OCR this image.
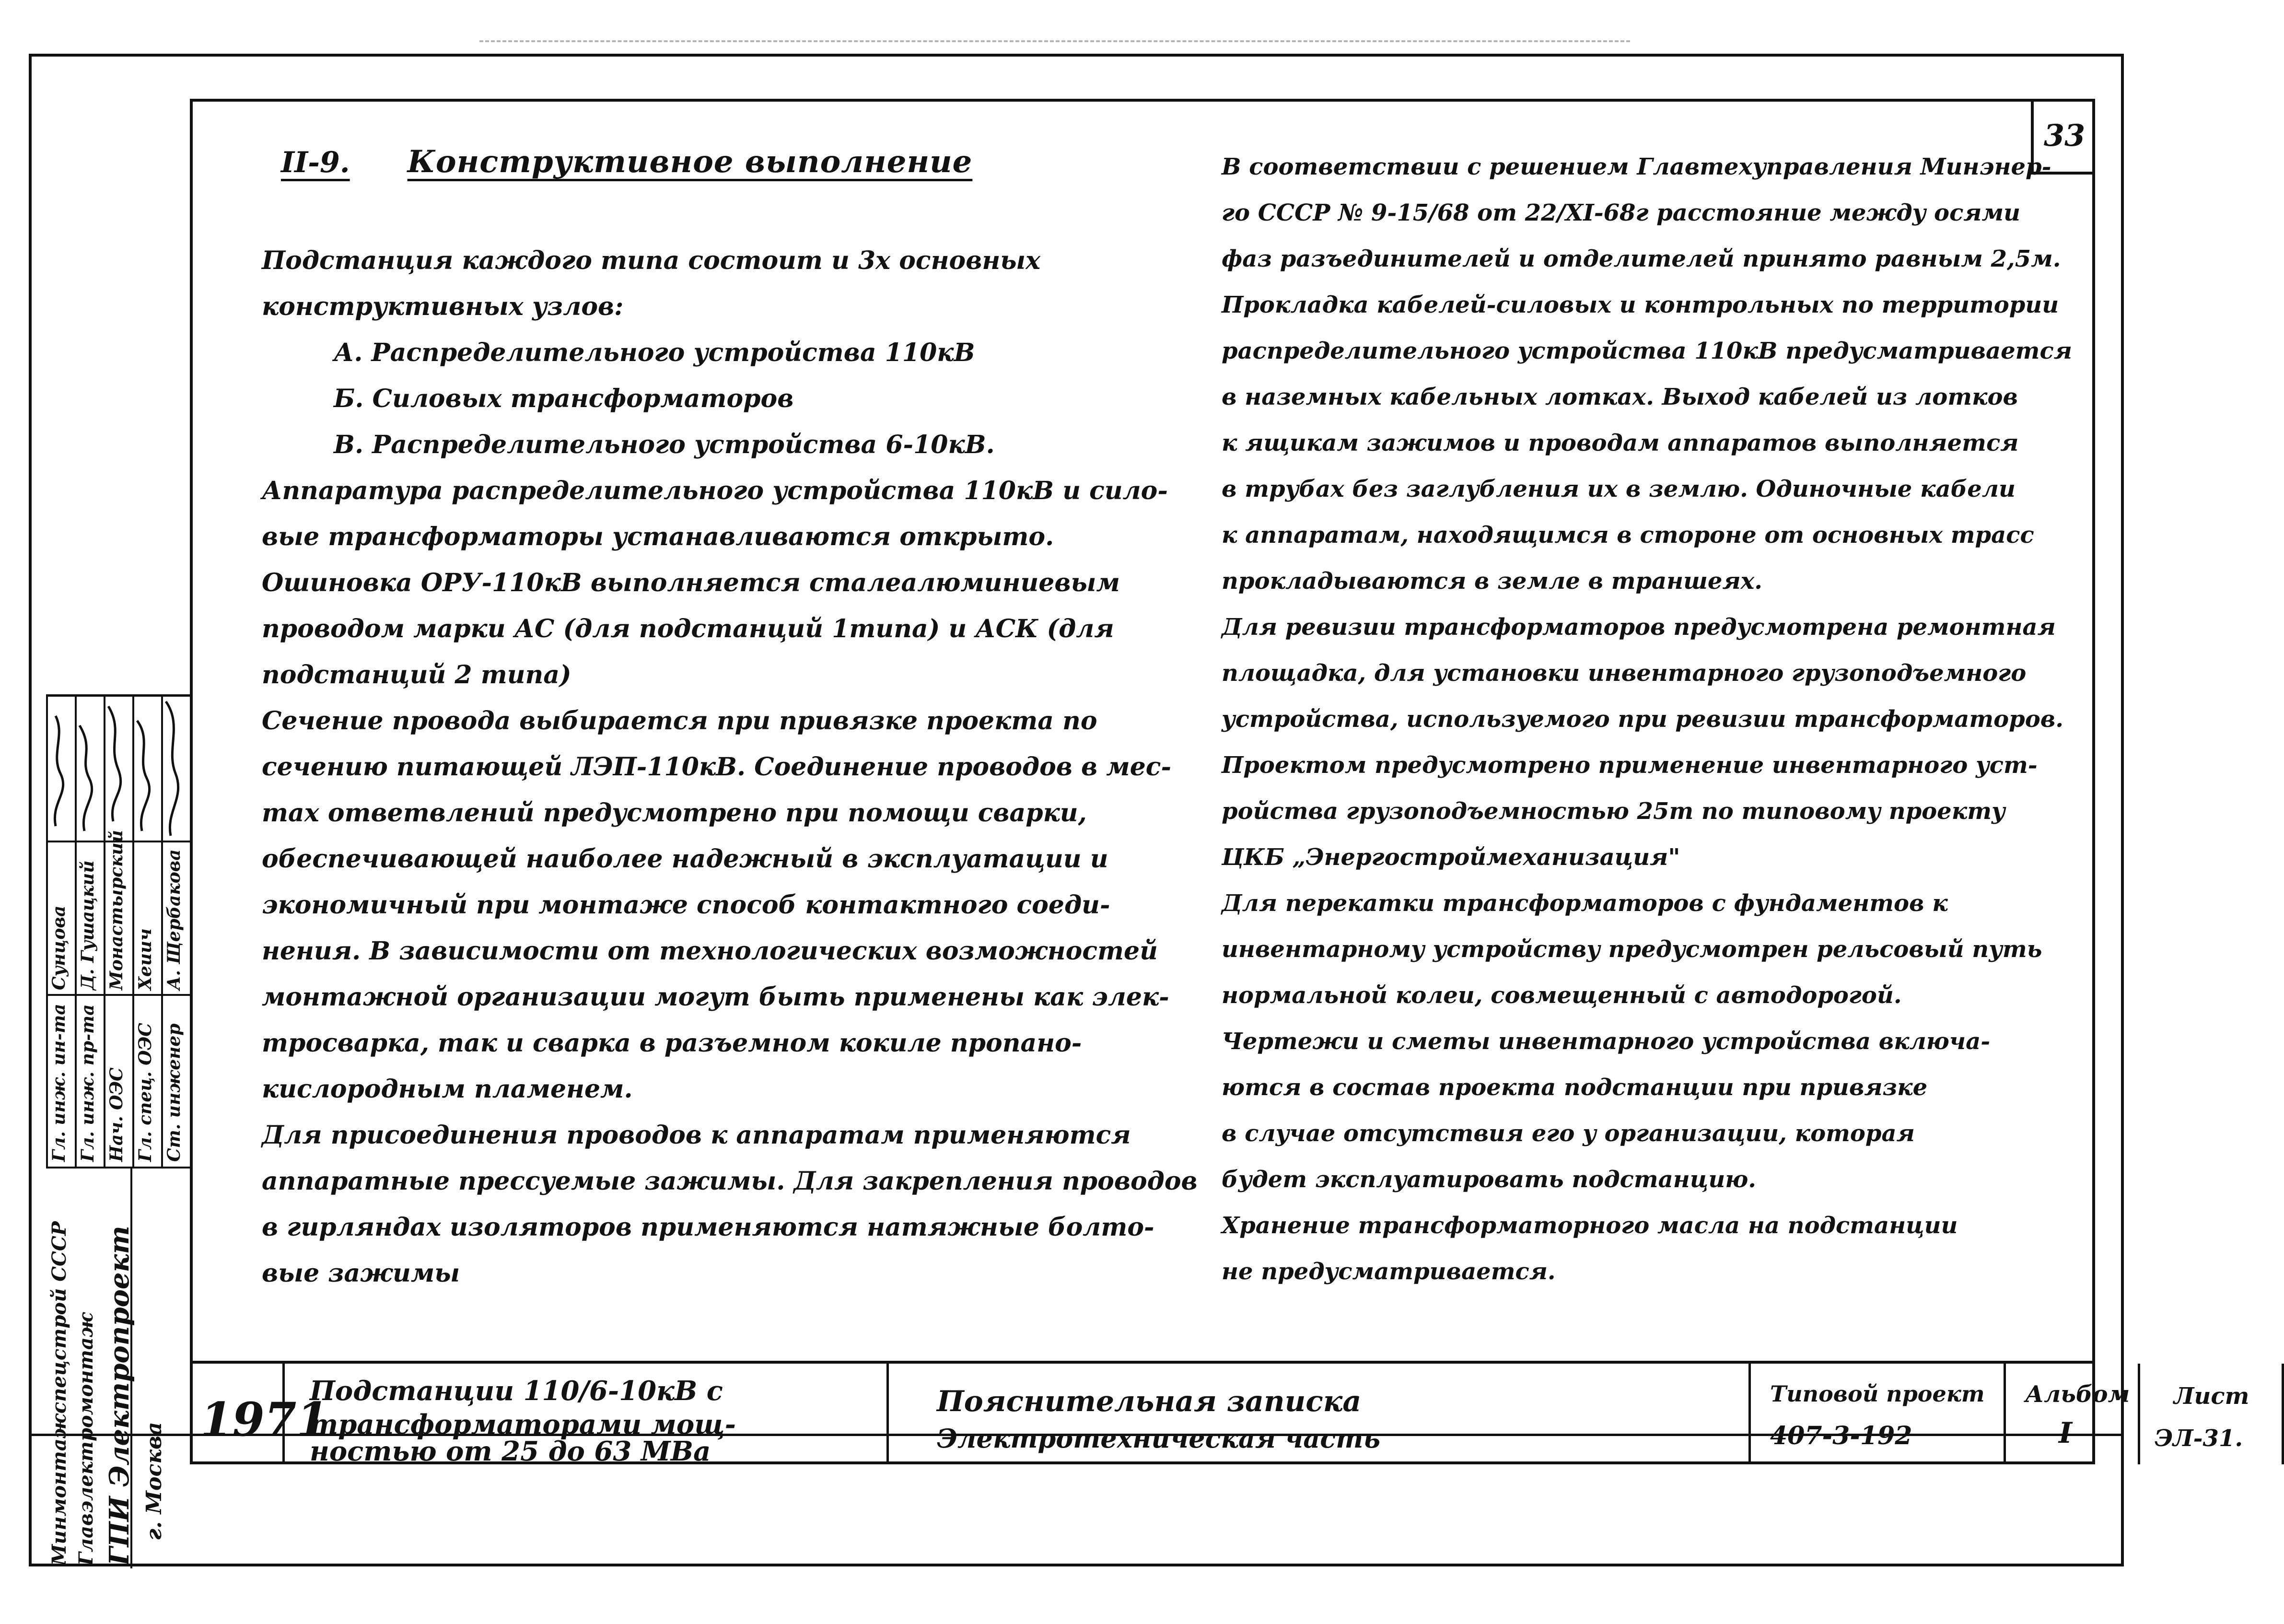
33
II-9. Конструктивное выполнение
Подстанция каждого типа состоит и 3х основных
конструктивных узлов:
А. Распределительного устройства 110кВ
Б. Силовых трансформаторов
В. Распределительного устройства 6-10кВ.
Аппаратура распределительного устройства 110кВ и сило-
вые трансформаторы устанавливаются открыто.
Ошиновка ОРУ-110кВ выполняется сталеалюминиевым
проводом марки АС (для подстанций 1типа) и АСК (для
подстанций 2 типа)
Сечение провода выбирается при привязке проекта по
сечению питающей ЛЭП-110кВ. Соединение проводов в мес-
тах ответвлений предусмотрено при помощи сварки,
обеспечивающей наиболее надежный в эксплуатации и
экономичный при монтаже способ контактного соеди-
нения. В зависимости от технологических возможностей
монтажной организации могут быть применены как элек-
тросварка, так и сварка в разъемном кокиле пропано-
кислородным пламенем.
Для присоединения проводов к аппаратам применяются
аппаратные прессуемые зажимы. Для закрепления проводов
в гирляндах изоляторов применяются натяжные болто-
вые зажимы
В соответствии с решением Главтехуправления Минэнер-
го СССР № 9-15/68 от 22/XI-68г расстояние между осями
фаз разъединителей и отделителей принято равным 2,5м.
Прокладка кабелей-силовых и контрольных по территории
распределительного устройства 110кВ предусматривается
в наземных кабельных лотках. Выход кабелей из лотков
к ящикам зажимов и проводам аппаратов выполняется
в трубах без заглубления их в землю. Одиночные кабели
к аппаратам, находящимся в стороне от основных трасс
прокладываются в земле в траншеях.
Для ревизии трансформаторов предусмотрена ремонтная
площадка, для установки инвентарного грузоподъемного
устройства, используемого при ревизии трансформаторов.
Проектом предусмотрено применение инвентарного уст-
ройства грузоподъемностью 25т по типовому проекту
ЦКБ „Энергостроймеханизация"
Для перекатки трансформаторов с фундаментов к
инвентарному устройству предусмотрен рельсовый путь
нормальной колеи, совмещенный с автодорогой.
Чертежи и сметы инвентарного устройства включа-
ются в состав проекта подстанции при привязке
в случае отсутствия его у организации, которая
будет эксплуатировать подстанцию.
Хранение трансформаторного масла на подстанции
не предусматривается.
Минмонтажспецстрой СССР Главэлектромонтаж ГПИ Электропроект г. Москва
Гл. инж. ин-та Гл. инж. пр-та Нач. ОЭС Гл. спец. ОЭС Ст. инженер
Сунцова Д. Гушацкий Монастырский Хеиич А. Щербакова
1971
Подстанции 110/6-10кВ с
трансформаторами мощ-
ностью от 25 до 63 МВа
Пояснительная записка
Электротехническая часть
Типовой проект
407-3-192
Альбом
I
Лист
ЭЛ-31.
